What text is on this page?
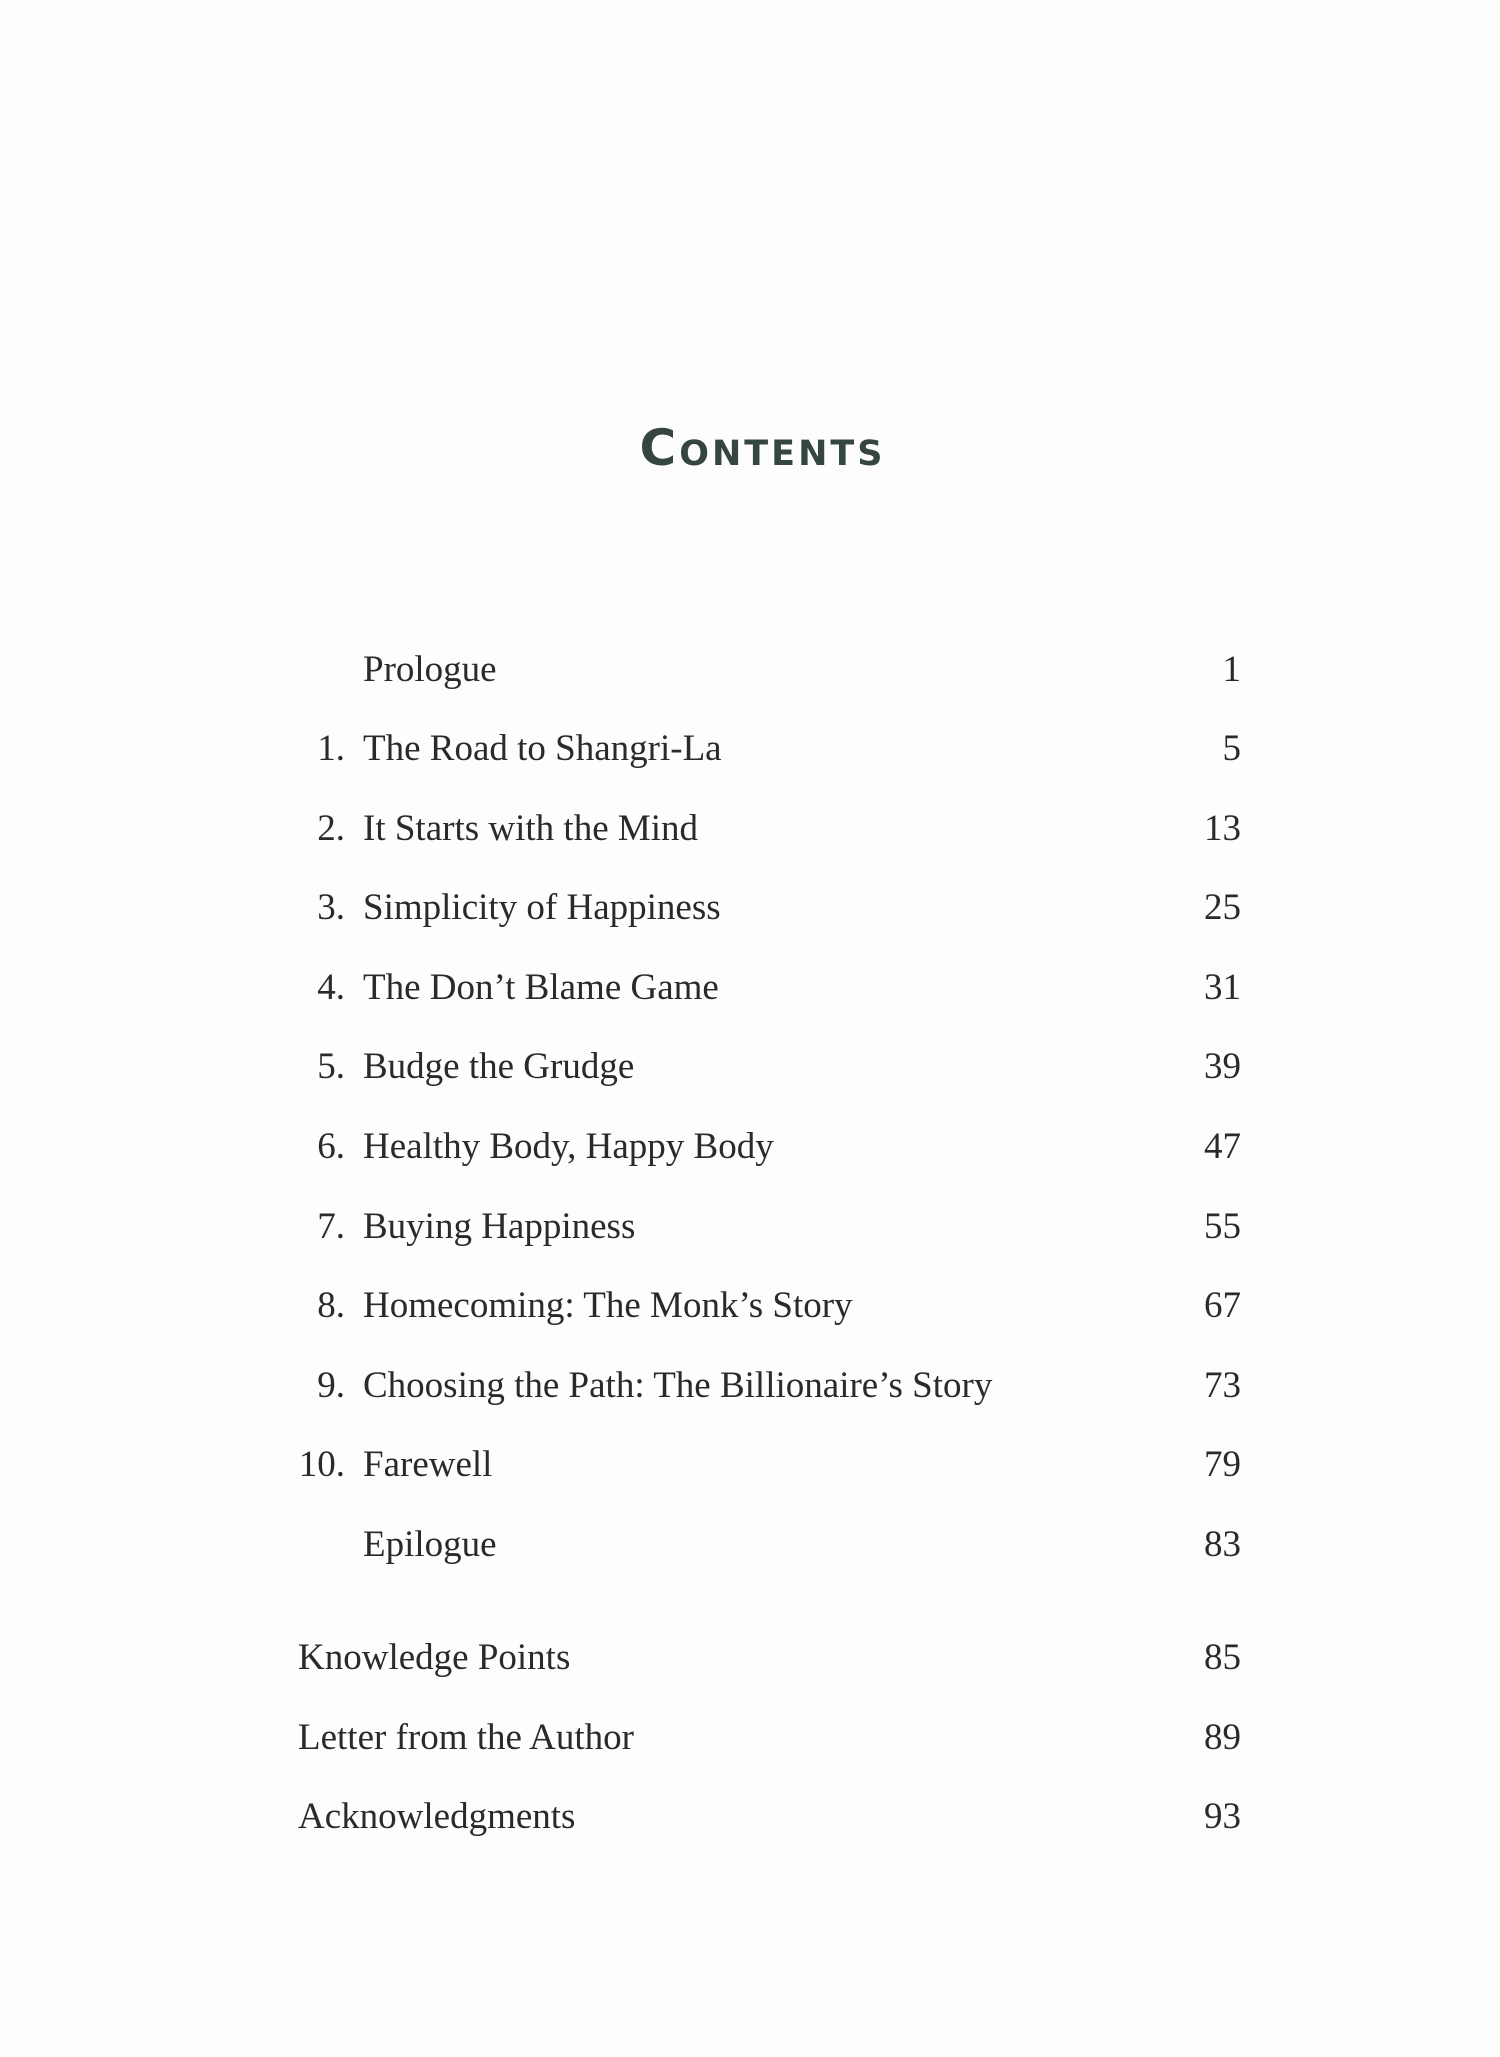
Contents
Prologue	1
1. The Road to Shangri-La	5
2. It Starts with the Mind	13
3. Simplicity of Happiness	25
4. The Don’t Blame Game	31
5. Budge the Grudge	39
6. Healthy Body, Happy Body	47
7. Buying Happiness	55
8. Homecoming: The Monk’s Story	67
9. Choosing the Path: The Billionaire’s Story	73
10. Farewell	79
Epilogue	83
Knowledge Points	85
Letter from the Author	89
Acknowledgments	93
